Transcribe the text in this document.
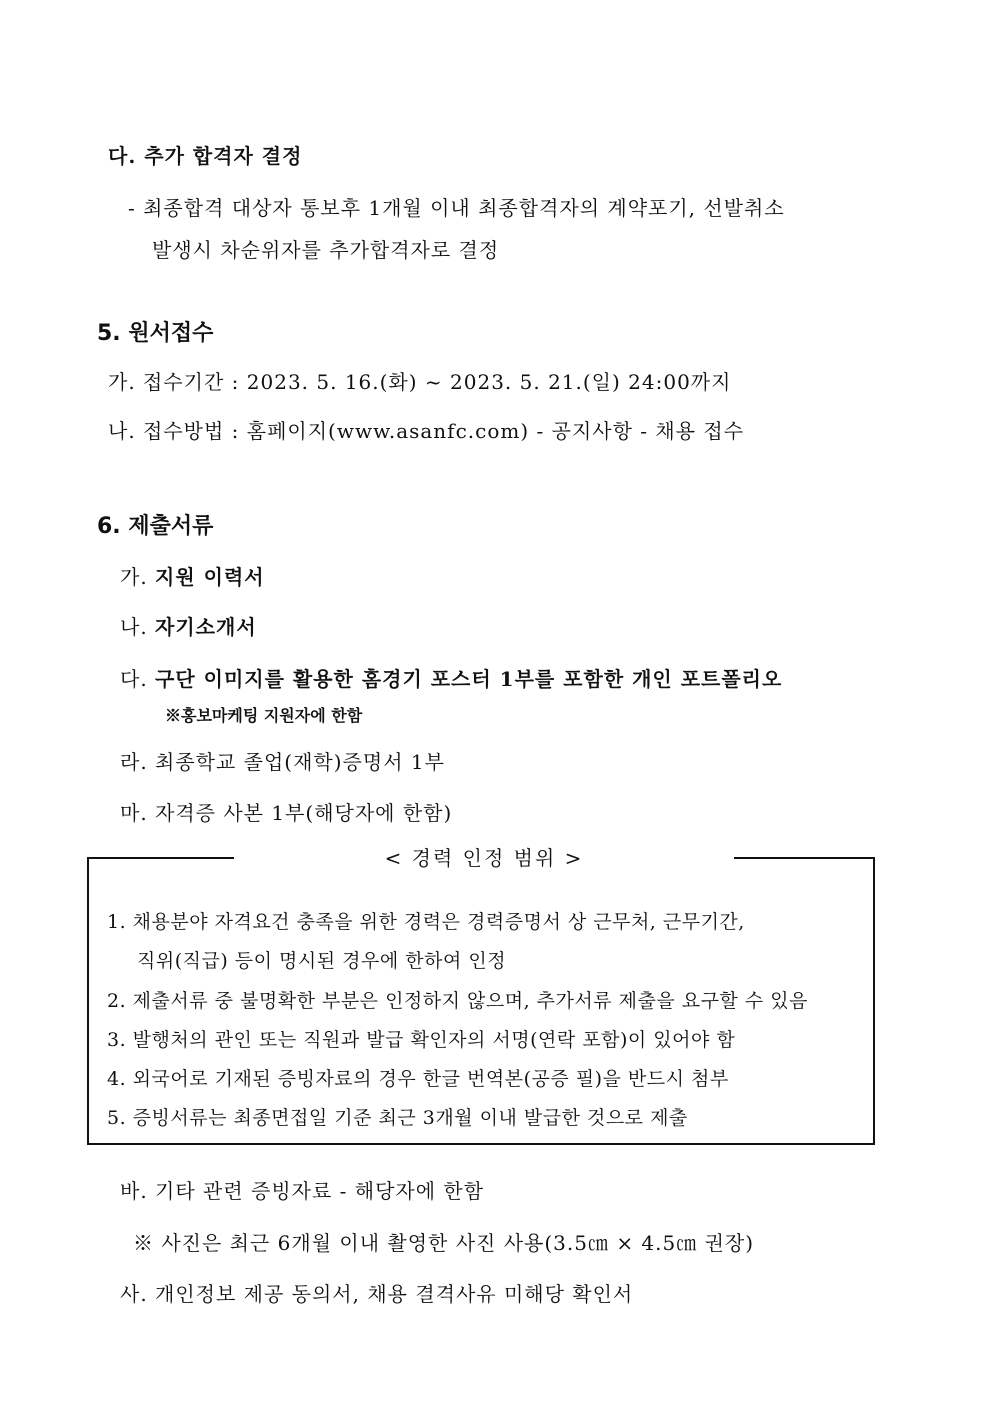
다. 추가 합격자 결정
- 최종합격 대상자 통보후 1개월 이내 최종합격자의 계약포기, 선발취소
발생시 차순위자를 추가합격자로 결정
5. 원서접수
가. 접수기간 : 2023. 5. 16.(화) ~ 2023. 5. 21.(일) 24:00까지
나. 접수방법 : 홈페이지(www.asanfc.com) - 공지사항 - 채용 접수
6. 제출서류
가. 지원 이력서
나. 자기소개서
다. 구단 이미지를 활용한 홈경기 포스터 1부를 포함한 개인 포트폴리오
※홍보마케팅 지원자에 한함
라. 최종학교 졸업(재학)증명서 1부
마. 자격증 사본 1부(해당자에 한함)
< 경력 인정 범위 >
1. 채용분야 자격요건 충족을 위한 경력은 경력증명서 상 근무처, 근무기간,
직위(직급) 등이 명시된 경우에 한하여 인정
2. 제출서류 중 불명확한 부분은 인정하지 않으며, 추가서류 제출을 요구할 수 있음
3. 발행처의 관인 또는 직원과 발급 확인자의 서명(연락 포함)이 있어야 함
4. 외국어로 기재된 증빙자료의 경우 한글 번역본(공증 필)을 반드시 첨부
5. 증빙서류는 최종면접일 기준 최근 3개월 이내 발급한 것으로 제출
바. 기타 관련 증빙자료 - 해당자에 한함
※ 사진은 최근 6개월 이내 촬영한 사진 사용(3.5㎝ × 4.5㎝ 권장)
사. 개인정보 제공 동의서, 채용 결격사유 미해당 확인서
